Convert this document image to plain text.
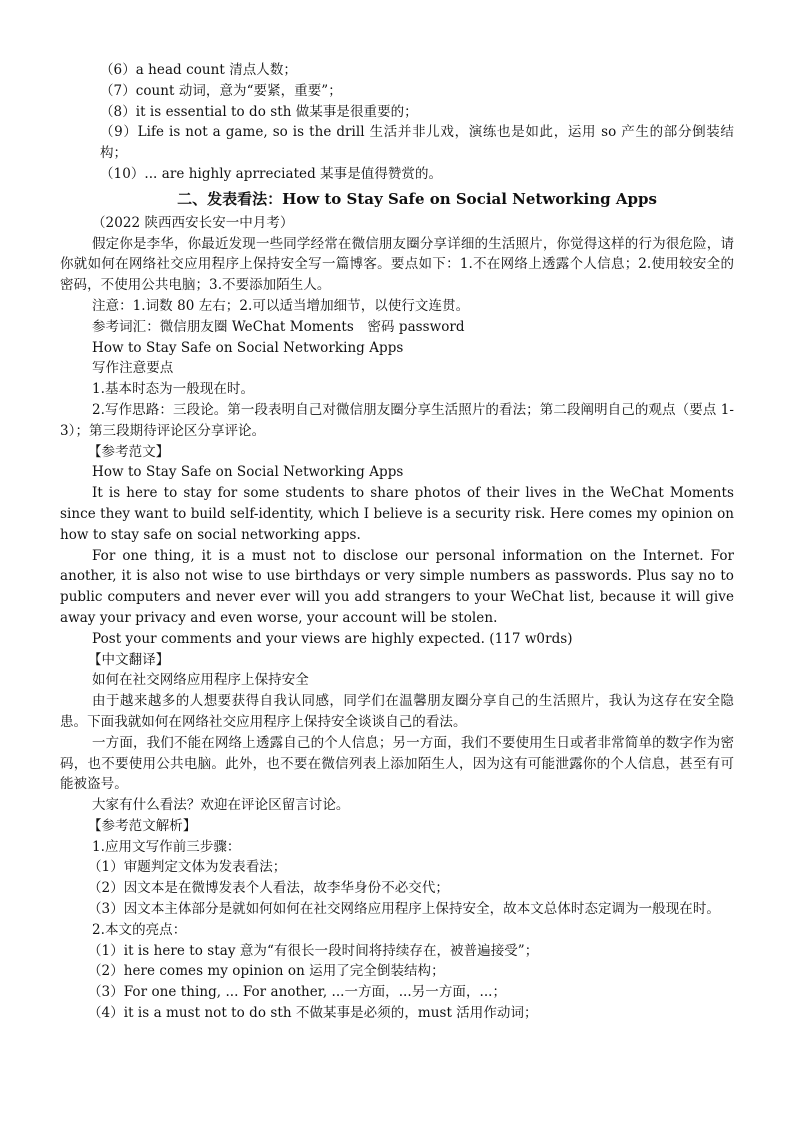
（6）a head count 清点人数；

（7）count 动词，意为“要紧，重要”；

（8）it is essential to do sth 做某事是很重要的；

（9）Life is not a game, so is the drill 生活并非儿戏，演练也是如此，运用 so 产生的部分倒装结构；

（10）... are highly aprreciated 某事是值得赞赏的。

二、发表看法：How to Stay Safe on Social Networking Apps

（2022 陕西西安长安一中月考）

假定你是李华，你最近发现一些同学经常在微信朋友圈分享详细的生活照片，你觉得这样的行为很危险，请你就如何在网络社交应用程序上保持安全写一篇博客。要点如下：1.不在网络上透露个人信息；2.使用较安全的密码，不使用公共电脑；3.不要添加陌生人。

注意：1.词数 80 左右；2.可以适当增加细节，以使行文连贯。

参考词汇：微信朋友圈 WeChat Moments　密码 password

How to Stay Safe on Social Networking Apps

写作注意要点

1.基本时态为一般现在时。

2.写作思路：三段论。第一段表明自己对微信朋友圈分享生活照片的看法；第二段阐明自己的观点（要点 1-3）；第三段期待评论区分享评论。

【参考范文】

How to Stay Safe on Social Networking Apps

It is here to stay for some students to share photos of their lives in the WeChat Moments since they want to build self-identity, which I believe is a security risk. Here comes my opinion on how to stay safe on social networking apps.

For one thing, it is a must not to disclose our personal information on the Internet. For another, it is also not wise to use birthdays or very simple numbers as passwords. Plus say no to public computers and never ever will you add strangers to your WeChat list, because it will give away your privacy and even worse, your account will be stolen.

Post your comments and your views are highly expected. (117 w0rds)

【中文翻译】

如何在社交网络应用程序上保持安全

由于越来越多的人想要获得自我认同感，同学们在温馨朋友圈分享自己的生活照片，我认为这存在安全隐患。下面我就如何在网络社交应用程序上保持安全谈谈自己的看法。

一方面，我们不能在网络上透露自己的个人信息；另一方面，我们不要使用生日或者非常简单的数字作为密码，也不要使用公共电脑。此外，也不要在微信列表上添加陌生人，因为这有可能泄露你的个人信息，甚至有可能被盗号。

大家有什么看法？欢迎在评论区留言讨论。

【参考范文解析】

1.应用文写作前三步骤：

（1）审题判定文体为发表看法；

（2）因文本是在微博发表个人看法，故李华身份不必交代；

（3）因文本主体部分是就如何如何在社交网络应用程序上保持安全，故本文总体时态定调为一般现在时。

2.本文的亮点：

（1）it is here to stay 意为“有很长一段时间将持续存在，被普遍接受”；

（2）here comes my opinion on 运用了完全倒装结构；

（3）For one thing, ... For another, ...一方面，...另一方面，...；

（4）it is a must not to do sth 不做某事是必须的，must 活用作动词；
